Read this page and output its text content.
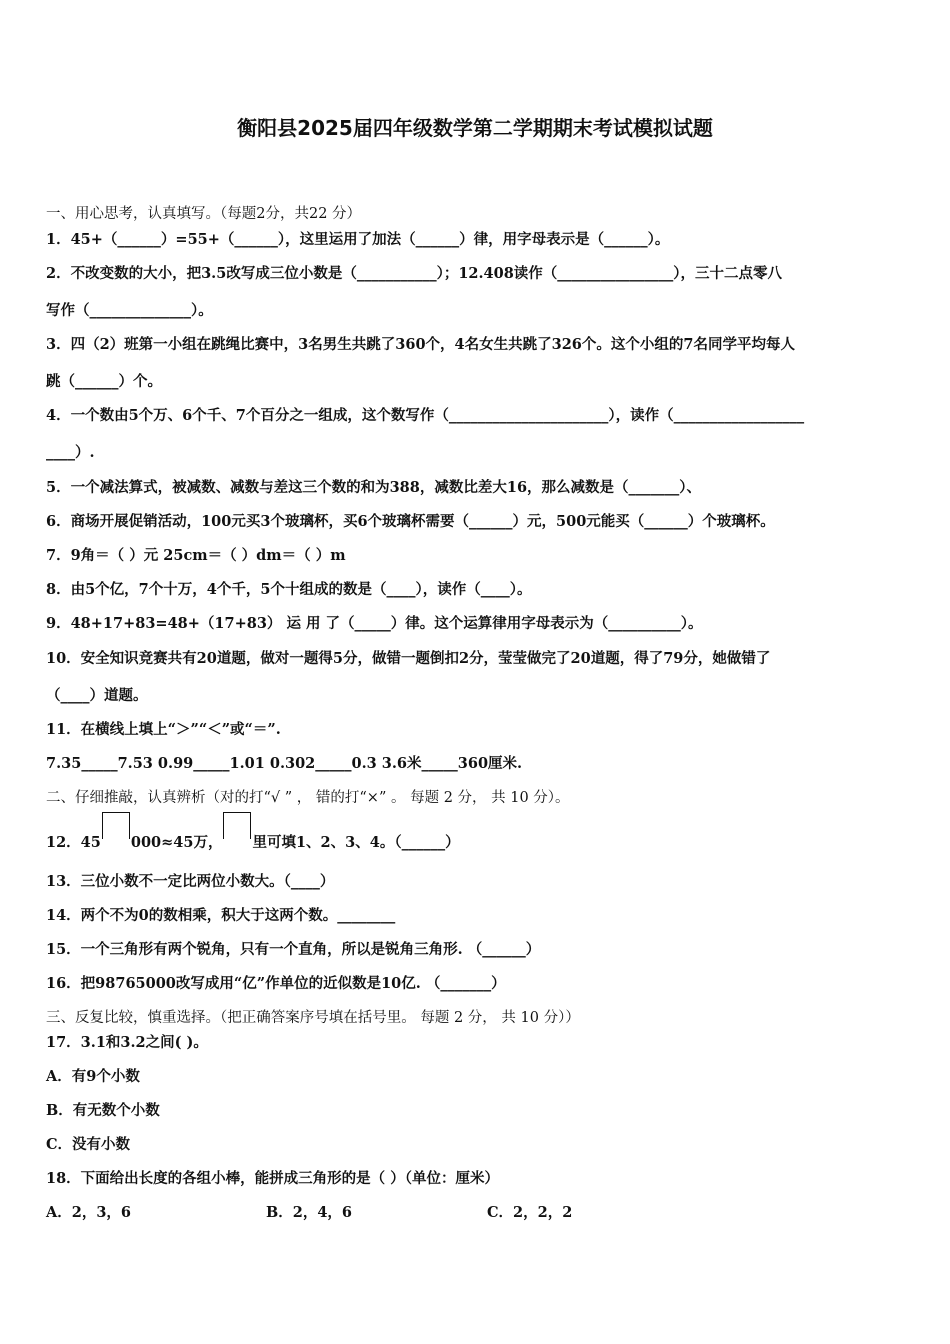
衡阳县2025届四年级数学第二学期期末考试模拟试题
一、用心思考，认真填写。（每题2分，共22 分）
1．45+（______）=55+（______），这里运用了加法（______）律，用字母表示是（______）。
2．不改变数的大小，把3.5改写成三位小数是（___________）；12.408读作（________________），三十二点零八
写作（______________）。
3．四（2）班第一小组在跳绳比赛中，3名男生共跳了360个，4名女生共跳了326个。这个小组的7名同学平均每人
跳（______）个。
4．一个数由5个万、6个千、7个百分之一组成，这个数写作（______________________），读作（__________________
____）.
5．一个减法算式，被减数、减数与差这三个数的和为388，减数比差大16，那么减数是（_______）、
6．商场开展促销活动，100元买3个玻璃杯，买6个玻璃杯需要（______）元，500元能买（______）个玻璃杯。
7．9角＝（ ）元 25cm＝（ ）dm＝（ ）m
8．由5个亿，7个十万，4个千，5个十组成的数是（____），读作（____）。
9．48+17+83=48+（17+83） 运 用 了（_____）律。这个运算律用字母表示为（__________）。
10．安全知识竞赛共有20道题，做对一题得5分，做错一题倒扣2分，莹莹做完了20道题，得了79分，她做错了
（____）道题。
11．在横线上填上“＞”“＜”或“＝”.
7.35_____7.53 0.99_____1.01 0.302_____0.3 3.6米_____360厘米.
二、仔细推敲，认真辨析（对的打“√ ” ， 错的打“×” 。 每题 2 分， 共 10 分）。
12．45 000≈45万， 里可填1、2、3、4。（______）
13．三位小数不一定比两位小数大。（____）
14．两个不为0的数相乘，积大于这两个数。________
15．一个三角形有两个锐角，只有一个直角，所以是锐角三角形. （______）
16．把98765000改写成用“亿”作单位的近似数是10亿. （_______）
三、反复比较，慎重选择。（把正确答案序号填在括号里。 每题 2 分， 共 10 分））
17．3.1和3.2之间( )。
A．有9个小数
B．有无数个小数
C．没有小数
18．下面给出长度的各组小棒，能拼成三角形的是（ ）（单位：厘米）
A．2，3，6	B．2，4，6	C．2，2，2
